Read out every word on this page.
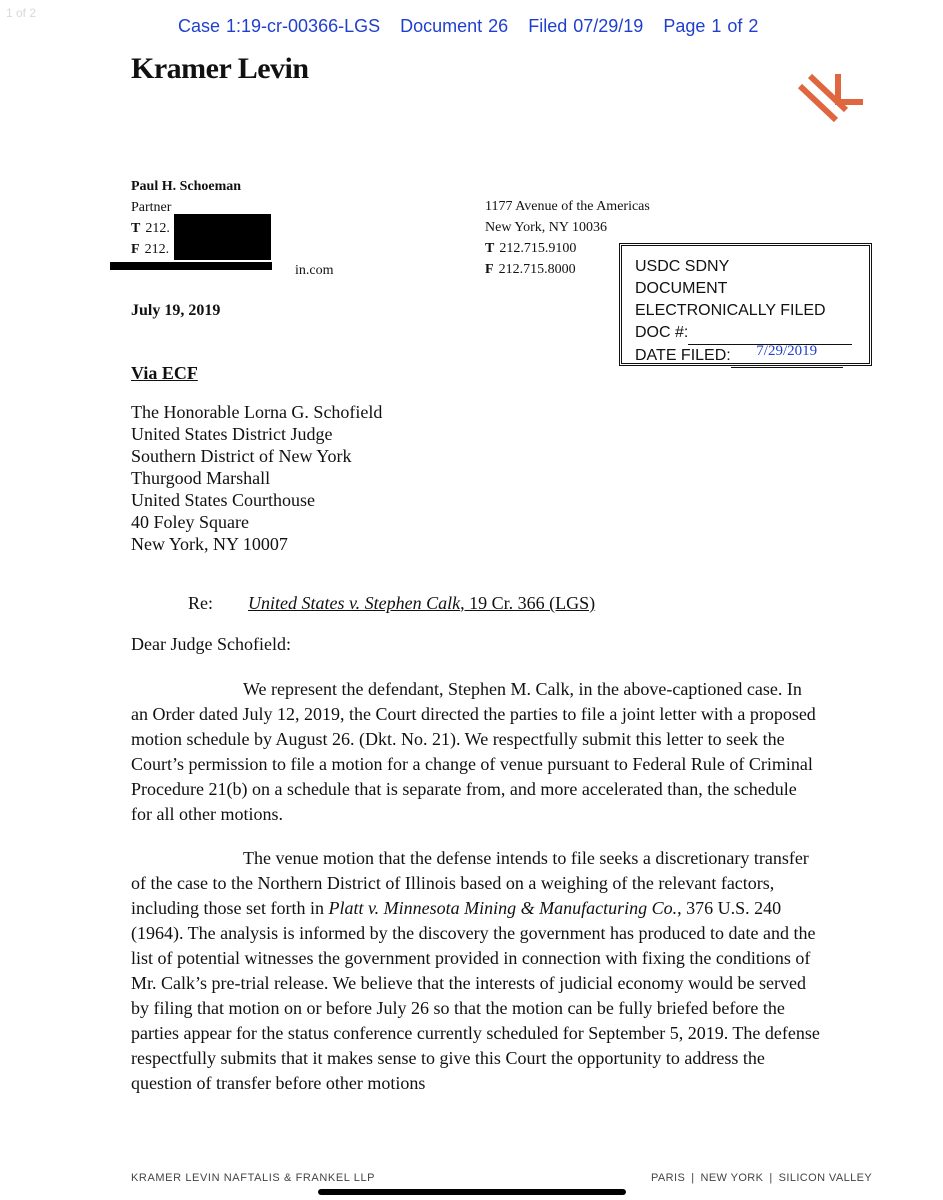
1 of 2
Case 1:19-cr-00366-LGS Document 26 Filed 07/29/19 Page 1 of 2
Kramer Levin
Paul H. Schoeman
Partner
T 212.
F 212.
in.com
1177 Avenue of the Americas
New York, NY 10036
T 212.715.9100
F 212.715.8000	USDC SDNY
DOCUMENT
ELECTRONICALLY FILED
DOC #:
DATE FILED: 7/29/2019
July 19, 2019
Via ECF
The Honorable Lorna G. Schofield
United States District Judge
Southern District of New York
Thurgood Marshall
United States Courthouse
40 Foley Square
New York, NY 10007
Re: United States v. Stephen Calk, 19 Cr. 366 (LGS)
Dear Judge Schofield:

We represent the defendant, Stephen M. Calk, in the above-captioned case. In an Order dated July 12, 2019, the Court directed the parties to file a joint letter with a proposed motion schedule by August 26. (Dkt. No. 21). We respectfully submit this letter to seek the Court’s permission to file a motion for a change of venue pursuant to Federal Rule of Criminal Procedure 21(b) on a schedule that is separate from, and more accelerated than, the schedule for all other motions.

The venue motion that the defense intends to file seeks a discretionary transfer of the case to the Northern District of Illinois based on a weighing of the relevant factors, including those set forth in Platt v. Minnesota Mining & Manufacturing Co., 376 U.S. 240 (1964). The analysis is informed by the discovery the government has produced to date and the list of potential witnesses the government provided in connection with fixing the conditions of Mr. Calk’s pre-trial release. We believe that the interests of judicial economy would be served by filing that motion on or before July 26 so that the motion can be fully briefed before the parties appear for the status conference currently scheduled for September 5, 2019. The defense respectfully submits that it makes sense to give this Court the opportunity to address the question of transfer before other motions

KRAMER LEVIN NAFTALIS & FRANKEL LLP	PARIS | NEW YORK | SILICON VALLEY
